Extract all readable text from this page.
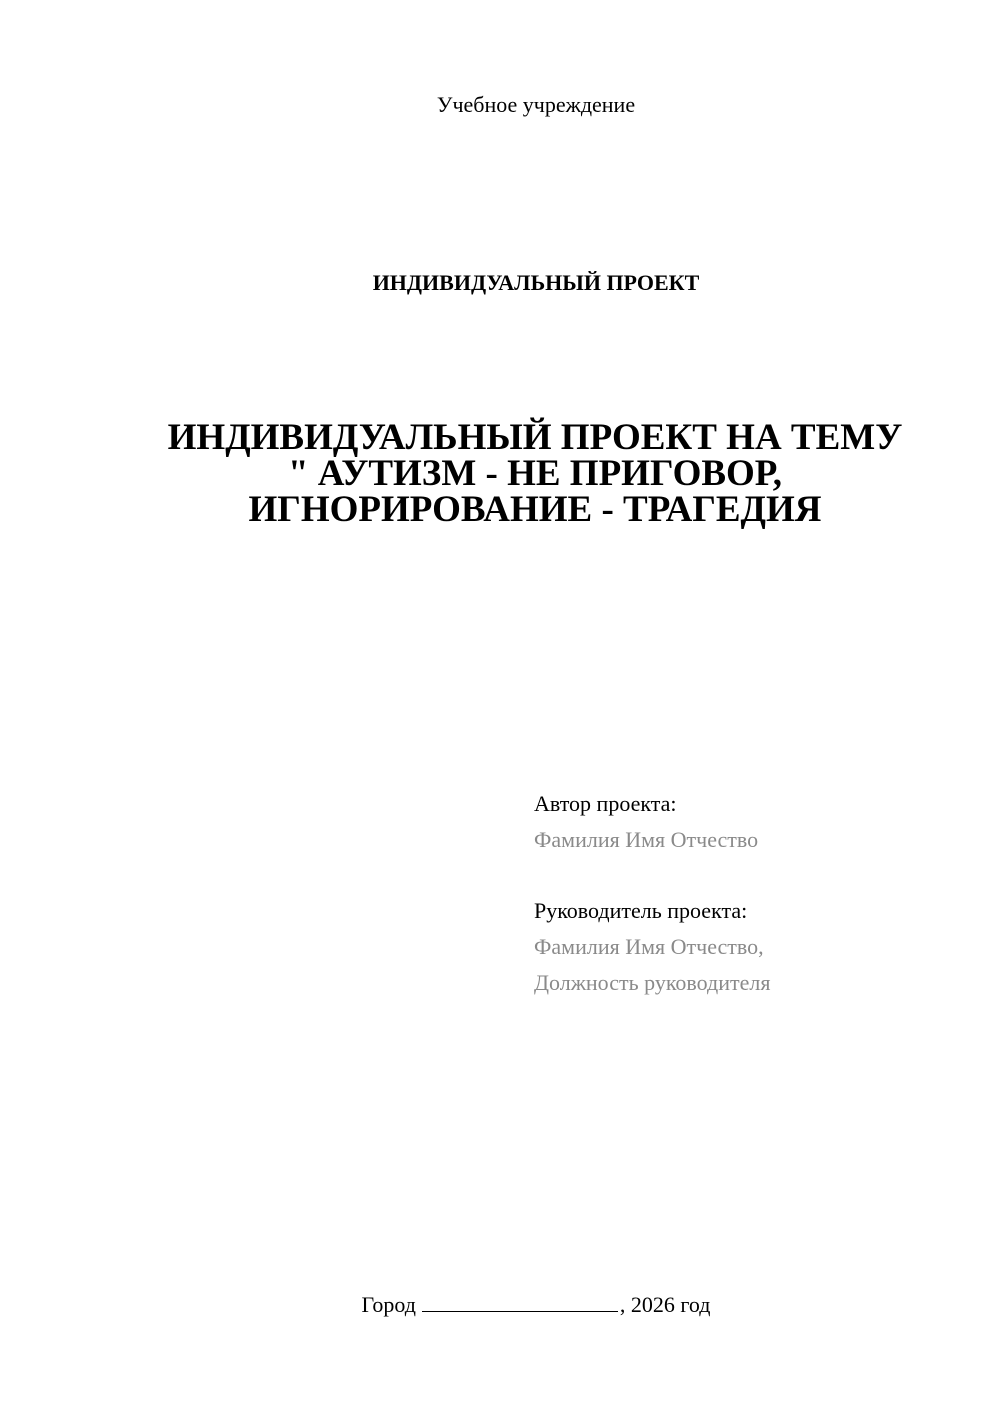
Учебное учреждение
ИНДИВИДУАЛЬНЫЙ ПРОЕКТ
ИНДИВИДУАЛЬНЫЙ ПРОЕКТ НА ТЕМУ
" АУТИЗМ - НЕ ПРИГОВОР,
ИГНОРИРОВАНИЕ - ТРАГЕДИЯ
Автор проекта:
Фамилия Имя Отчество
Руководитель проекта:
Фамилия Имя Отчество,
Должность руководителя
Город	, 2026 год
